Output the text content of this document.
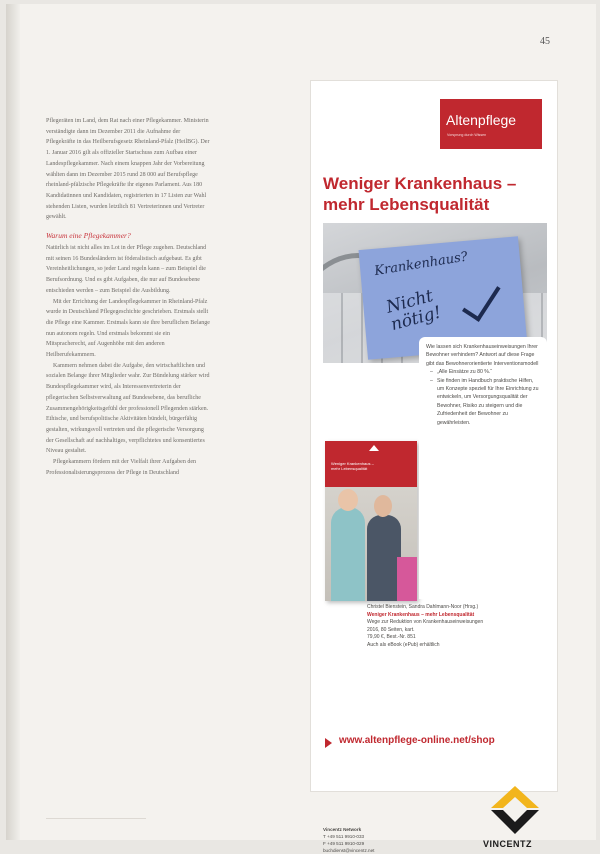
45

Pflegeräten im Land, dem Rat nach einer Pflegekammer. Ministerin verständigte dann im Dezember 2011 die Aufnahme der Pflegekräfte in das Heilberufsgesetz Rheinland-Pfalz (HeilBG). Der 1. Januar 2016 gilt als offizieller Startschuss zum Aufbau einer Landespflegekammer. Nach einem knappen Jahr der Vorbereitung wählten dann im Dezember 2015 rund 28 000 auf Berufspflege rheinland-pfälzische Pflegekräfte ihr eigenes Parlament. Aus 180 Kandidatinnen und Kandidaten, registrierten in 17 Listen zur Wahl stehenden Listen, wurden letztlich 81 Vertreterinnen und Vertreter gewählt.

Warum eine Pflegekammer?

Natürlich ist nicht alles im Lot in der Pflege zugehen. Deutschland mit seinen 16 Bundesländern ist föderalistisch aufgebaut. Es gibt Vereinheitlichungen, so jeder Land regeln kann – zum Beispiel die Berufsordnung. Und es gibt Aufgaben, die nur auf Bundesebene entschieden werden – zum Beispiel die Ausbildung.

Mit der Errichtung der Landespflegekammer in Rheinland-Pfalz wurde in Deutschland Pflegegeschichte geschrieben. Erstmals stellt die Pflege eine Kammer. Erstmals kann sie ihre beruflichen Belange nun autonom regeln. Und erstmals bekommt sie ein Mitspracherecht, auf Augenhöhe mit den anderen Heilberufekammern.

Kammern nehmen dabei die Aufgabe, den wirtschaftlichen und sozialen Belange ihrer Mitglieder wahr. Zur Bündelung stärker wird Bundespflegekammer wird, als Interessenvertreterin der pflegerischen Selbstverwaltung auf Bundesebene, das berufliche Zusammengehörigkeitsgefühl der professionell Pflegenden stärken. Ethische, und berufspolitische Aktivitäten bündelt, bürgerfähig gestalten, wirkungsvoll vertreten und die pflegerische Versorgung der Gesellschaft auf nachhaltiges, verpflichtetes und konsentiertes Niveau gestaltet.

Pflegekammern fördern mit der Vielfalt ihrer Aufgaben den Professionalisierungsprozess der Pflege in Deutschland

Altenpflege
Vorsprung durch Wissen
Weniger Krankenhaus –
mehr Lebensqualität
Krankenhaus?
Nicht nötig!
Weniger Krankenhaus –
mehr Lebensqualität

Wie lassen sich Krankenhauseinweisungen Ihrer Bewohner verhindern? Antwort auf diese Frage gibt das Bewohnerorientierte Interventionsmodell

– „Alle Einsätze zu 80 %.“
– Sie finden im Handbuch praktische Hilfen, um Konzepte speziell für Ihre Einrichtung zu entwickeln, um Versorgungsqualität der Bewohner, Risiko zu steigern und die Zufriedenheit der Bewohner zu gewährleisten.
Christel Bienstein, Sandra Dahlmann-Noor (Hrsg.)
Weniger Krankenhaus – mehr Lebensqualität
Wege zur Reduktion von Krankenhauseinweisungen
2016, 80 Seiten, kart.
79,90 €, Best.-Nr. 851
Auch als eBook (ePub) erhältlich
www.altenpflege-online.net/shop
Vincentz Network
T +49 511 9910-033
F +49 511 9910-029
buchdienst@vincentz.net
VINCENTZ
